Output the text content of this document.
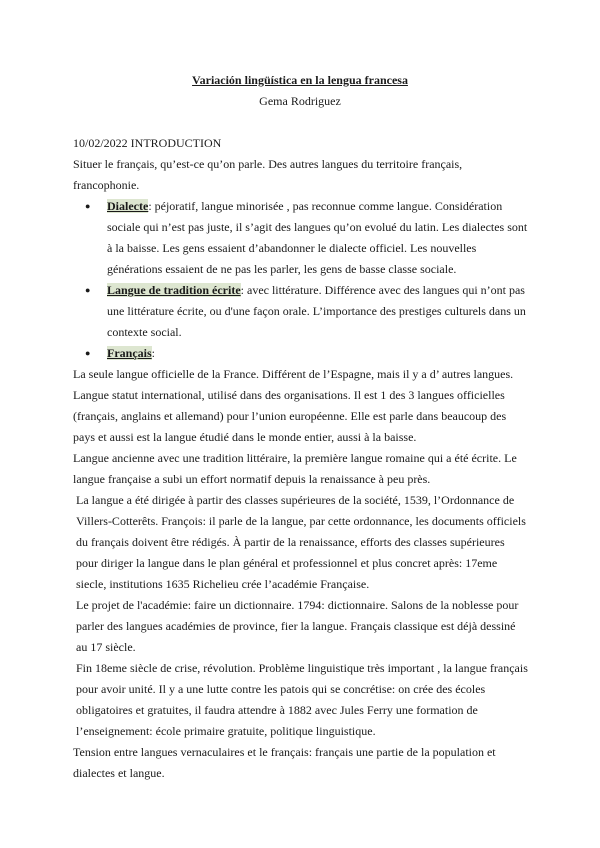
Variación lingüística en la lengua francesa
Gema Rodriguez

10/02/2022 INTRODUCTION

Situer le français, qu’est-ce qu’on parle. Des autres langues du territoire français, francophonie.

● Dialecte: péjoratif, langue minorisée , pas reconnue comme langue. Considération sociale qui n’est pas juste, il s’agit des langues qu’on evolué du latin. Les dialectes sont à la baisse. Les gens essaient d’abandonner le dialecte officiel. Les nouvelles générations essaient de ne pas les parler, les gens de basse classe sociale.
● Langue de tradition écrite: avec littérature. Différence avec des langues qui n’ont pas une littérature écrite, ou d'une façon orale. L’importance des prestiges culturels dans un contexte social.
● Français:

La seule langue officielle de la France. Différent de l’Espagne, mais il y a d’ autres langues. Langue statut international, utilisé dans des organisations. Il est 1 des 3 langues officielles (français, anglains et allemand) pour l’union européenne. Elle est parle dans beaucoup des pays et aussi est la langue étudié dans le monde entier, aussi à la baisse.

Langue ancienne avec une tradition littéraire, la première langue romaine qui a été écrite. Le langue française a subi un effort normatif depuis la renaissance à peu près.

La langue a été dirigée à partir des classes supérieures de la société, 1539, l’Ordonnance de Villers-Cotterêts. François: il parle de la langue, par cette ordonnance, les documents officiels du français doivent être rédigés. À partir de la renaissance, efforts des classes supérieures pour diriger la langue dans le plan général et professionnel et plus concret après: 17eme siecle, institutions 1635 Richelieu crée l’académie Française.

Le projet de l'académie: faire un dictionnaire. 1794: dictionnaire. Salons de la noblesse pour parler des langues académies de province, fier la langue. Français classique est déjà dessiné au 17 siècle.

Fin 18eme siècle de crise, révolution. Problème linguistique très important , la langue français pour avoir unité. Il y a une lutte contre les patois qui se concrétise: on crée des écoles obligatoires et gratuites, il faudra attendre à 1882 avec Jules Ferry une formation de l’enseignement: école primaire gratuite, politique linguistique.

Tension entre langues vernaculaires et le français: français une partie de la population et dialectes et langue.
